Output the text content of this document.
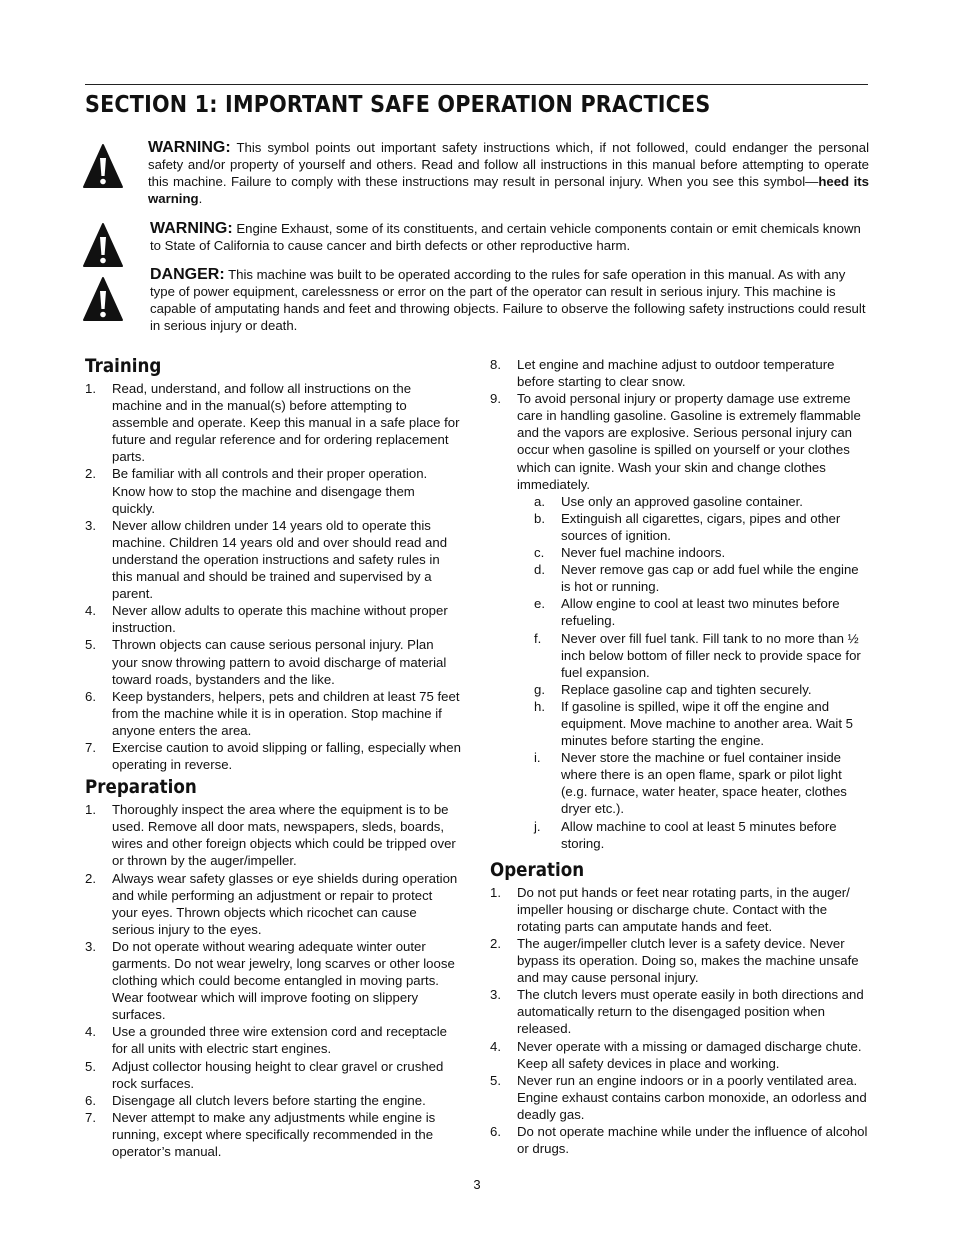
SECTION 1: IMPORTANT SAFE OPERATION PRACTICES
WARNING: This symbol points out important safety instructions which, if not followed, could endanger the personal safety and/or property of yourself and others. Read and follow all instructions in this manual before attempting to operate this machine. Failure to comply with these instructions may result in personal injury. When you see this symbol—heed its warning.
WARNING: Engine Exhaust, some of its constituents, and certain vehicle components contain or emit chemicals known to State of California to cause cancer and birth defects or other reproductive harm.
DANGER: This machine was built to be operated according to the rules for safe operation in this manual. As with any type of power equipment, carelessness or error on the part of the operator can result in serious injury. This machine is capable of amputating hands and feet and throwing objects. Failure to observe the following safety instructions could result in serious injury or death.
Training
1.	Read, understand, and follow all instructions on the machine and in the manual(s) before attempting to assemble and operate. Keep this manual in a safe place for future and regular reference and for ordering replacement parts.
2.	Be familiar with all controls and their proper operation. Know how to stop the machine and disengage them quickly.
3.	Never allow children under 14 years old to operate this machine. Children 14 years old and over should read and understand the operation instructions and safety rules in this manual and should be trained and supervised by a parent.
4.	Never allow adults to operate this machine without proper instruction.
5.	Thrown objects can cause serious personal injury. Plan your snow throwing pattern to avoid discharge of material toward roads, bystanders and the like.
6.	Keep bystanders, helpers, pets and children at least 75 feet from the machine while it is in operation. Stop machine if anyone enters the area.
7.	Exercise caution to avoid slipping or falling, especially when operating in reverse.
Preparation
1.	Thoroughly inspect the area where the equipment is to be used. Remove all door mats, newspapers, sleds, boards, wires and other foreign objects which could be tripped over or thrown by the auger/impeller.
2.	Always wear safety glasses or eye shields during operation and while performing an adjustment or repair to protect your eyes. Thrown objects which ricochet can cause serious injury to the eyes.
3.	Do not operate without wearing adequate winter outer garments. Do not wear jewelry, long scarves or other loose clothing which could become entangled in moving parts. Wear footwear which will improve footing on slippery surfaces.
4.	Use a grounded three wire extension cord and receptacle for all units with electric start engines.
5.	Adjust collector housing height to clear gravel or crushed rock surfaces.
6.	Disengage all clutch levers before starting the engine.
7.	Never attempt to make any adjustments while engine is running, except where specifically recommended in the operator’s manual.
8.	Let engine and machine adjust to outdoor temperature before starting to clear snow.
9.	To avoid personal injury or property damage use extreme care in handling gasoline. Gasoline is extremely flammable and the vapors are explosive. Serious personal injury can occur when gasoline is spilled on yourself or your clothes which can ignite. Wash your skin and change clothes immediately.
a.	Use only an approved gasoline container.
b.	Extinguish all cigarettes, cigars, pipes and other sources of ignition.
c.	Never fuel machine indoors.
d.	Never remove gas cap or add fuel while the engine is hot or running.
e.	Allow engine to cool at least two minutes before refueling.
f.	Never over fill fuel tank. Fill tank to no more than ½ inch below bottom of filler neck to provide space for fuel expansion.
g.	Replace gasoline cap and tighten securely.
h.	If gasoline is spilled, wipe it off the engine and equipment. Move machine to another area. Wait 5 minutes before starting the engine.
i.	Never store the machine or fuel container inside where there is an open flame, spark or pilot light (e.g. furnace, water heater, space heater, clothes dryer etc.).
j.	Allow machine to cool at least 5 minutes before storing.
Operation
1.	Do not put hands or feet near rotating parts, in the auger/ impeller housing or discharge chute. Contact with the rotating parts can amputate hands and feet.
2.	The auger/impeller clutch lever is a safety device. Never bypass its operation. Doing so, makes the machine unsafe and may cause personal injury.
3.	The clutch levers must operate easily in both directions and automatically return to the disengaged position when released.
4.	Never operate with a missing or damaged discharge chute. Keep all safety devices in place and working.
5.	Never run an engine indoors or in a poorly ventilated area. Engine exhaust contains carbon monoxide, an odorless and deadly gas.
6.	Do not operate machine while under the influence of alcohol or drugs.
3
